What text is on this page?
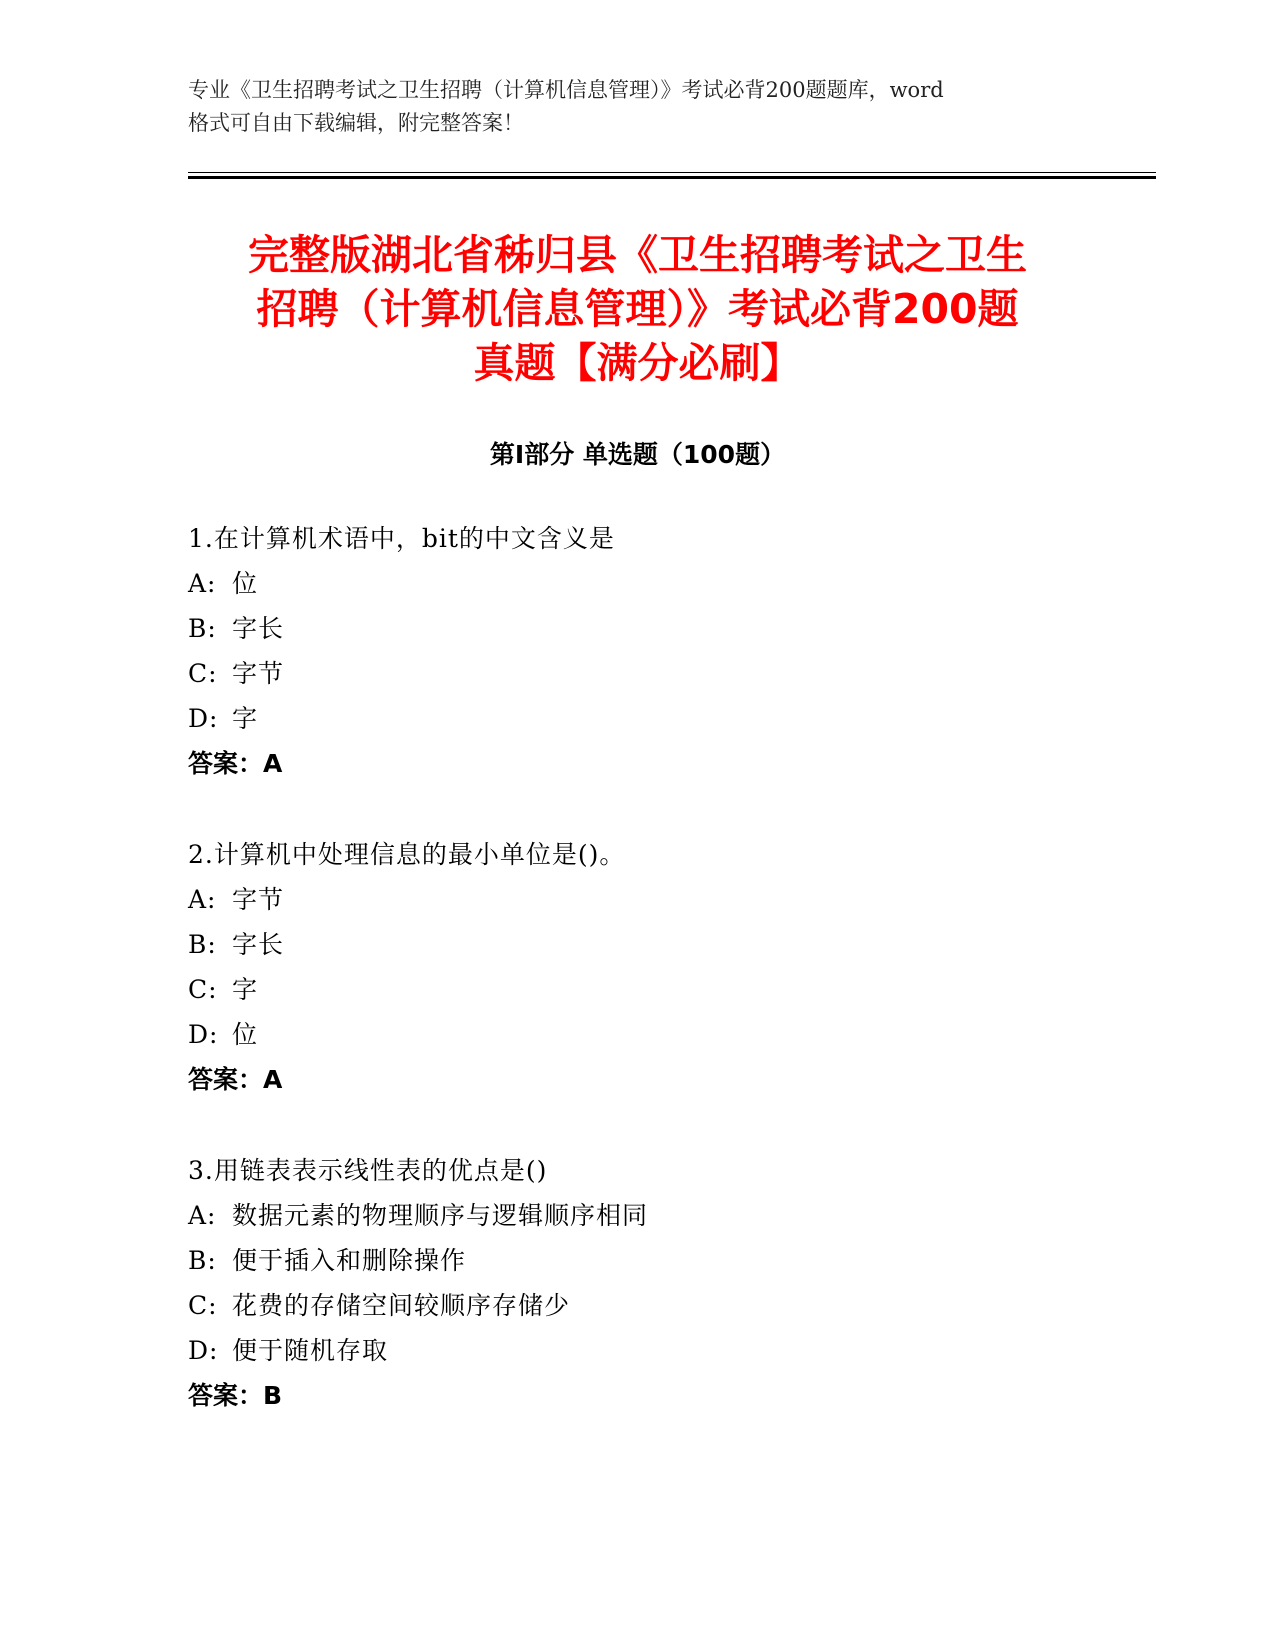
专业《卫生招聘考试之卫生招聘（计算机信息管理）》考试必背200题题库，word
格式可自由下载编辑，附完整答案！
完整版湖北省秭归县《卫生招聘考试之卫生
招聘（计算机信息管理）》考试必背200题
真题【满分必刷】
第Ⅰ部分 单选题（100题）
1.在计算机术语中，bit的中文含义是
A: 位
B: 字长
C: 字节
D: 字
答案：A
2.计算机中处理信息的最小单位是()。
A: 字节
B: 字长
C: 字
D: 位
答案：A
3.用链表表示线性表的优点是()
A: 数据元素的物理顺序与逻辑顺序相同
B: 便于插入和删除操作
C: 花费的存储空间较顺序存储少
D: 便于随机存取
答案：B
